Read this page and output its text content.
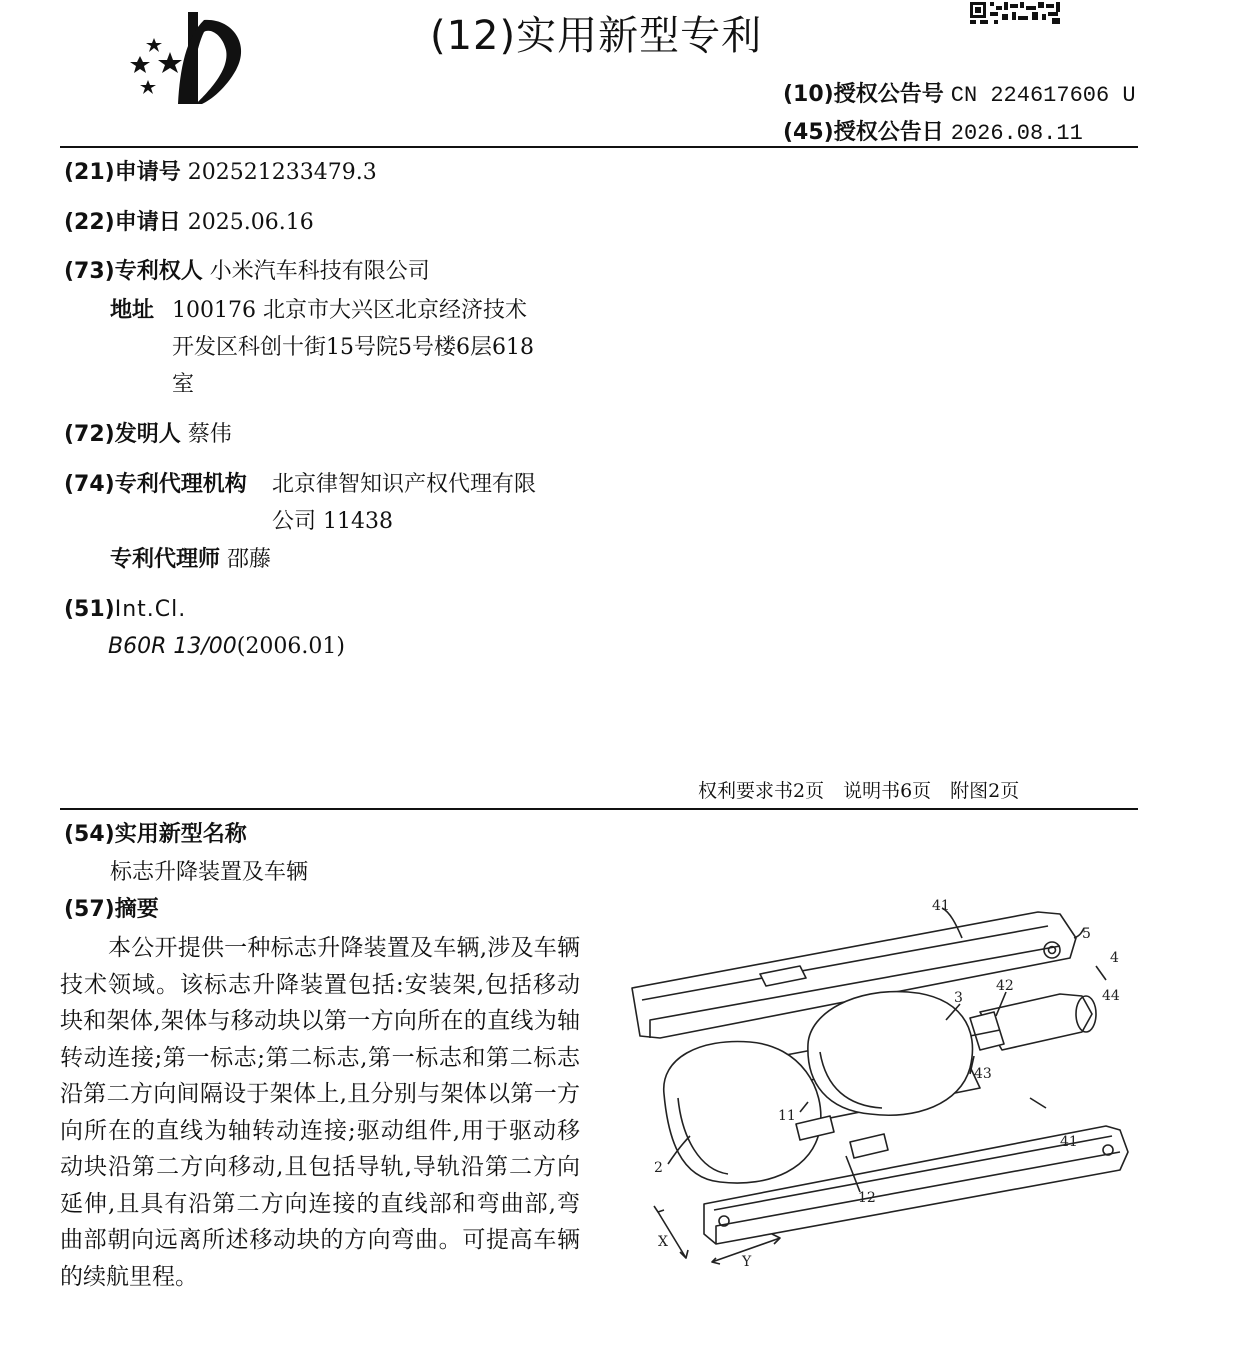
(12)实用新型专利
(10)授权公告号 CN 224617606 U
(45)授权公告日 2026.08.11
(21)申请号 202521233479.3
(22)申请日 2025.06.16
(73)专利权人 小米汽车科技有限公司
地址 100176 北京市大兴区北京经济技术
开发区科创十街15号院5号楼6层618
室
(72)发明人 蔡伟
(74)专利代理机构 北京律智知识产权代理有限
公司 11438
专利代理师 邵藤
(51)Int.Cl.
B60R 13/00(2006.01)
权利要求书2页　说明书6页　附图2页
(54)实用新型名称
标志升降装置及车辆
(57)摘要

本公开提供一种标志升降装置及车辆,涉及车辆技术领域。该标志升降装置包括:安装架,包括移动块和架体,架体与移动块以第一方向所在的直线为轴转动连接;第一标志;第二标志,第一标志和第二标志沿第二方向间隔设于架体上,且分别与架体以第一方向所在的直线为轴转动连接;驱动组件,用于驱动移动块沿第二方向移动,且包括导轨,导轨沿第二方向延伸,且具有沿第二方向连接的直线部和弯曲部,弯曲部朝向远离所述移动块的方向弯曲。可提高车辆的续航里程。

41
5
4
42
44
3
43
11
41
2
12
X
Y
